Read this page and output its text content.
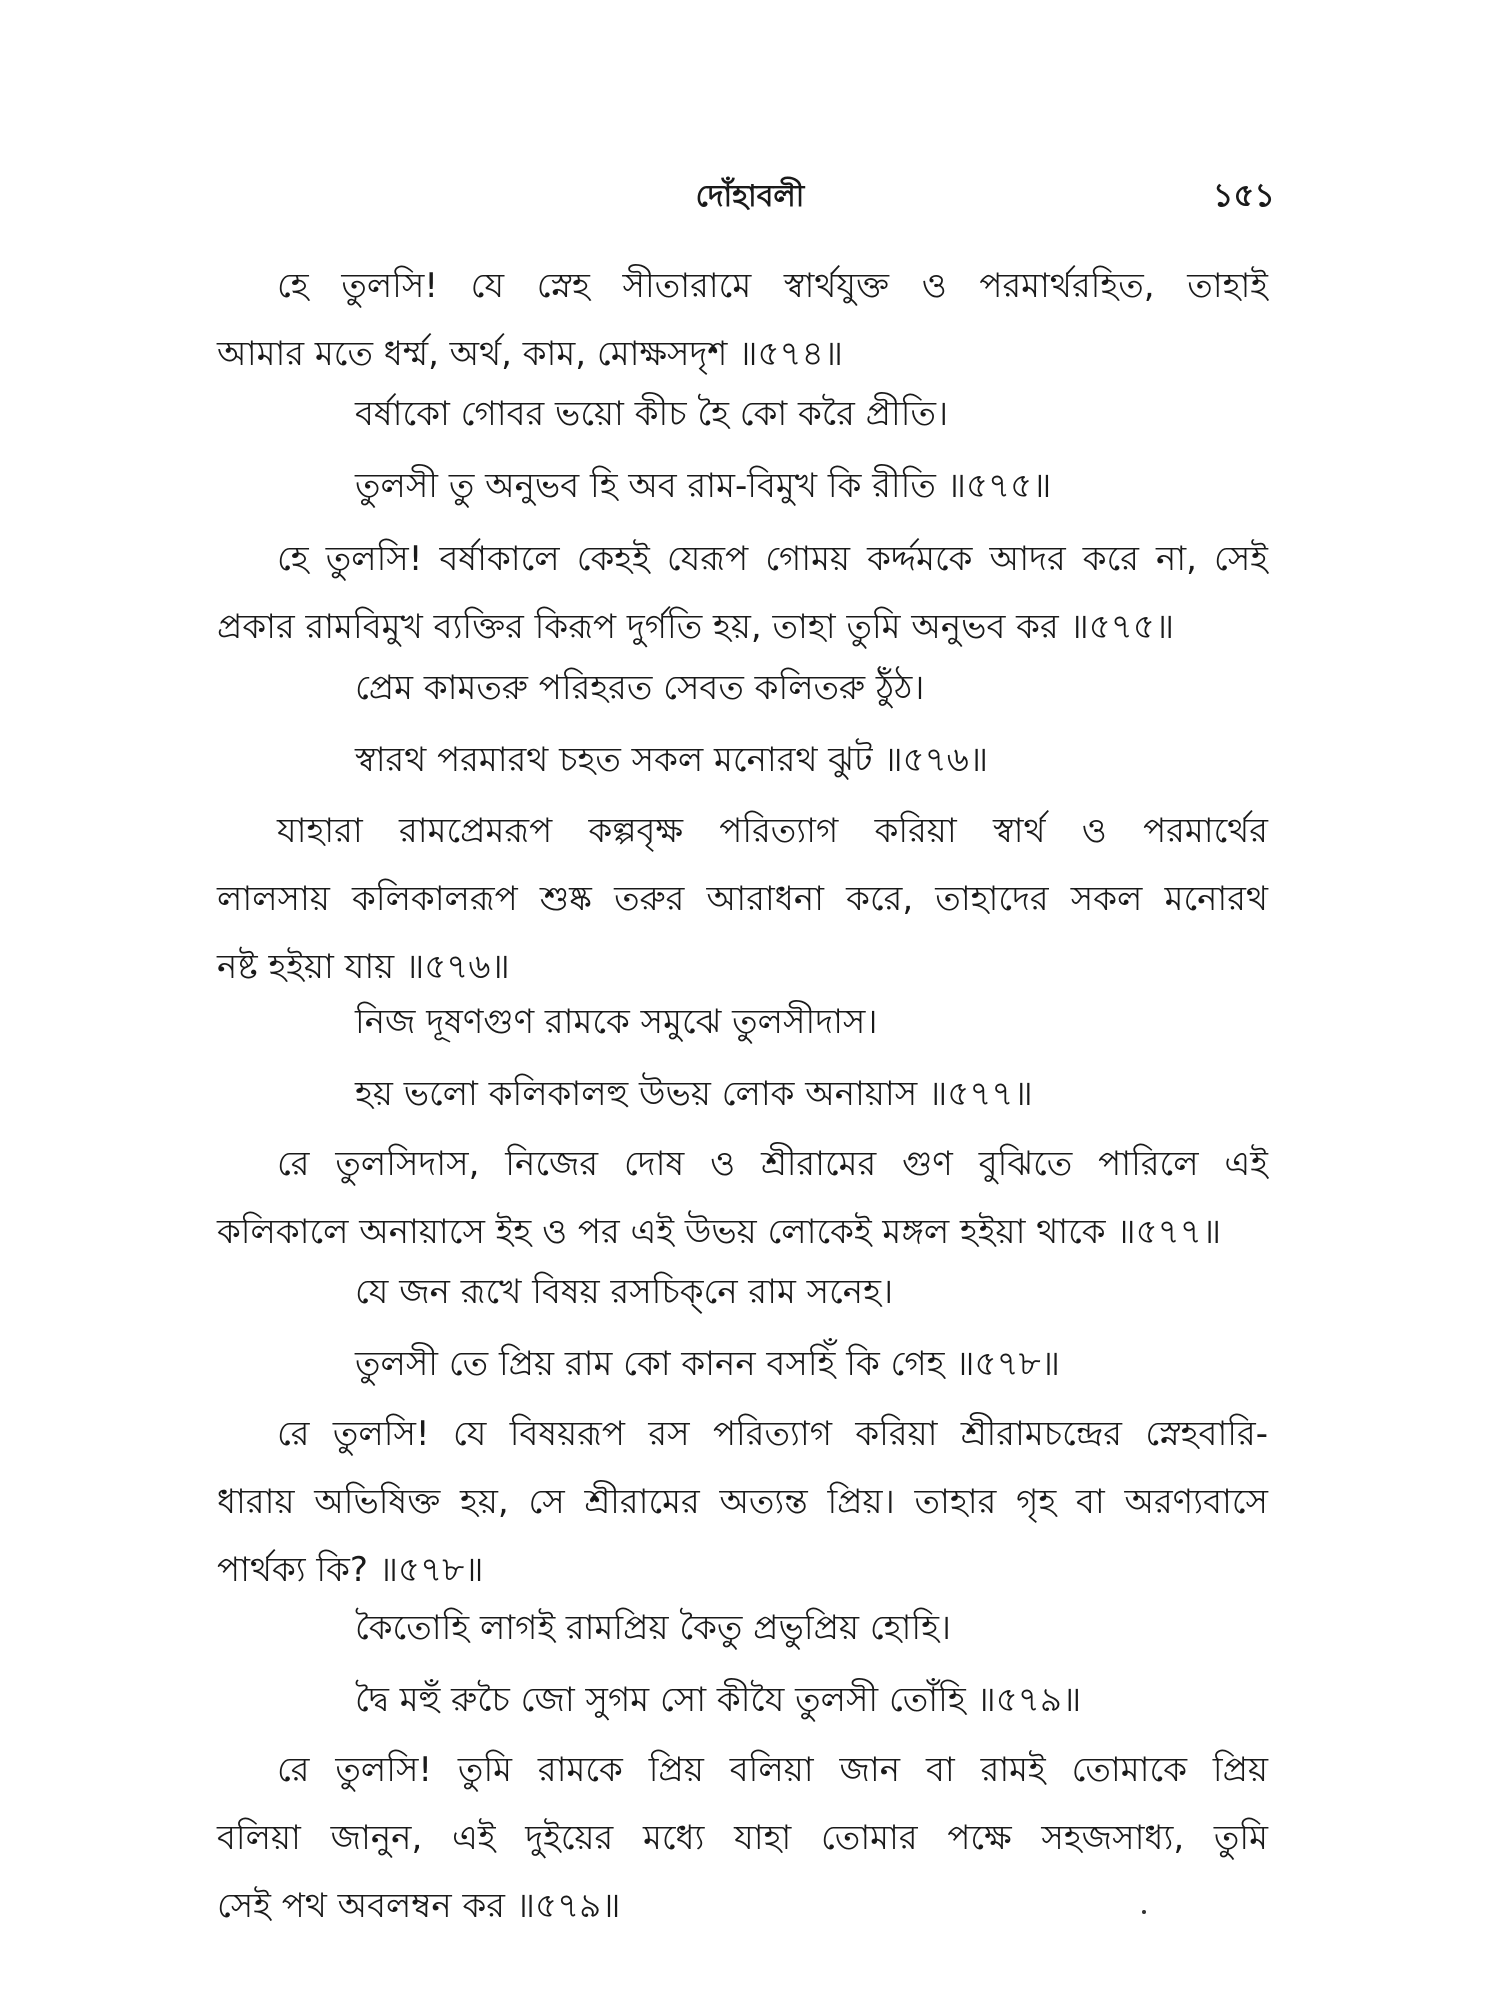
দোঁহাবলী	১৫১

হে তুলসি! যে স্নেহ সীতারামে স্বার্থযুক্ত ও পরমার্থরহিত, তাহাই

আমার মতে ধর্ম্ম, অর্থ, কাম, মোক্ষসদৃশ ॥৫৭৪॥

বর্ষাকো গোবর ভয়ো কীচ হৈ কো করৈ প্রীতি।

তুলসী তু অনুভব হি অব রাম-বিমুখ কি রীতি ॥৫৭৫॥

হে তুলসি! বর্ষাকালে কেহই যেরূপ গোময় কর্দ্দমকে আদর করে না, সেই

প্রকার রামবিমুখ ব্যক্তির কিরূপ দুর্গতি হয়, তাহা তুমি অনুভব কর ॥৫৭৫॥

প্রেম কামতরু পরিহরত সেবত কলিতরু ঠুঁঠ।

স্বারথ পরমারথ চহত সকল মনোরথ ঝুট ॥৫৭৬॥

যাহারা রামপ্রেমরূপ কল্পবৃক্ষ পরিত্যাগ করিয়া স্বার্থ ও পরমার্থের

লালসায় কলিকালরূপ শুষ্ক তরুর আরাধনা করে, তাহাদের সকল মনোরথ

নষ্ট হইয়া যায় ॥৫৭৬॥

নিজ দূষণগুণ রামকে সমুঝে তুলসীদাস।

হয় ভলো কলিকালহু উভয় লোক অনায়াস ॥৫৭৭॥

রে তুলসিদাস, নিজের দোষ ও শ্রীরামের গুণ বুঝিতে পারিলে এই

কলিকালে অনায়াসে ইহ ও পর এই উভয় লোকেই মঙ্গল হইয়া থাকে ॥৫৭৭॥

যে জন রূখে বিষয় রসচিক্‌নে রাম সনেহ।

তুলসী তে প্রিয় রাম কো কানন বসহিঁ কি গেহ ॥৫৭৮॥

রে তুলসি! যে বিষয়রূপ রস পরিত্যাগ করিয়া শ্রীরামচন্দ্রের স্নেহবারি-

ধারায় অভিষিক্ত হয়, সে শ্রীরামের অত্যন্ত প্রিয়। তাহার গৃহ বা অরণ্যবাসে

পার্থক্য কি? ॥৫৭৮॥

কৈতোহি লাগই রামপ্রিয় কৈতু প্রভুপ্রিয় হোহি।

দ্বৈ মহুঁ রুচৈ জো সুগম সো কীযৈ তুলসী তোঁহি ॥৫৭৯॥

রে তুলসি! তুমি রামকে প্রিয় বলিয়া জান বা রামই তোমাকে প্রিয়

বলিয়া জানুন, এই দুইয়ের মধ্যে যাহা তোমার পক্ষে সহজসাধ্য, তুমি

সেই পথ অবলম্বন কর ॥৫৭৯॥
